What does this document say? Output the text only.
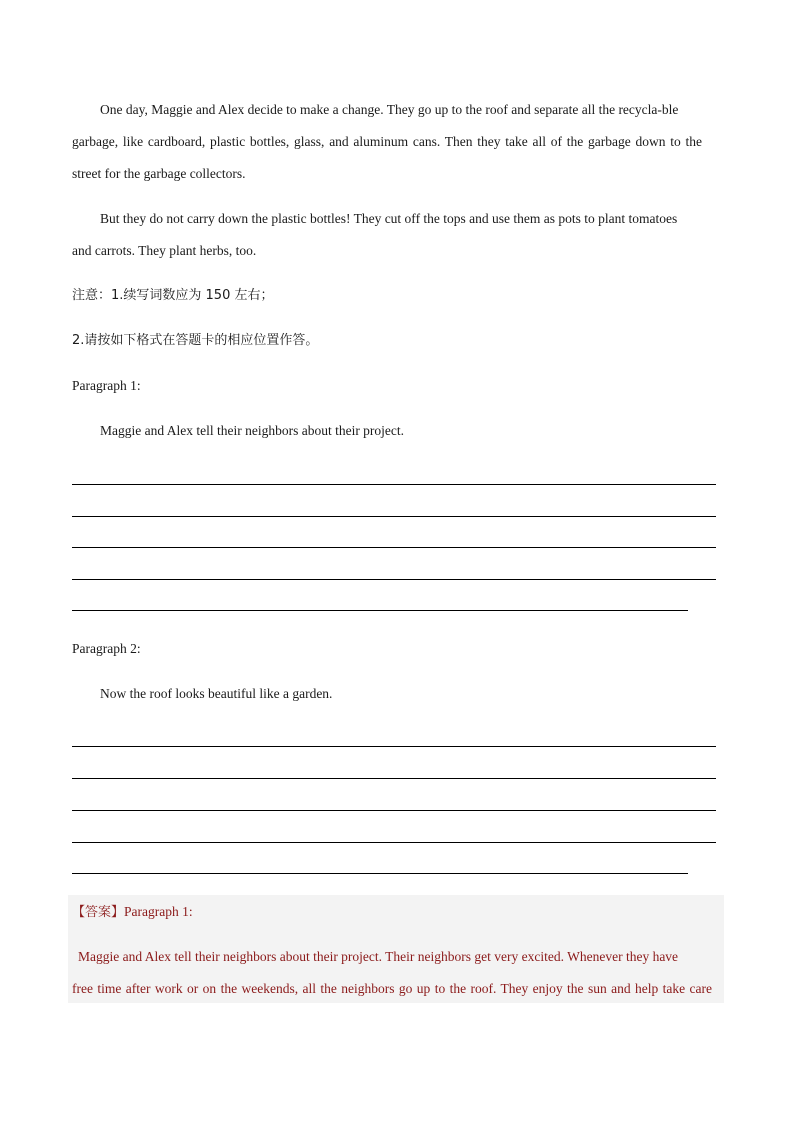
One day, Maggie and Alex decide to make a change. They go up to the roof and separate all the recycla-ble
garbage, like cardboard, plastic bottles, glass, and aluminum cans. Then they take all of the garbage down to the
street for the garbage collectors.
But they do not carry down the plastic bottles! They cut off the tops and use them as pots to plant tomatoes
and carrots. They plant herbs, too.
注意：1.续写词数应为 150 左右；
2.请按如下格式在答题卡的相应位置作答。
Paragraph 1:
Maggie and Alex tell their neighbors about their project.
Paragraph 2:
Now the roof looks beautiful like a garden.
【答案】Paragraph 1:
Maggie and Alex tell their neighbors about their project. Their neighbors get very excited. Whenever they have
free time after work or on the weekends, all the neighbors go up to the roof. They enjoy the sun and help take care
